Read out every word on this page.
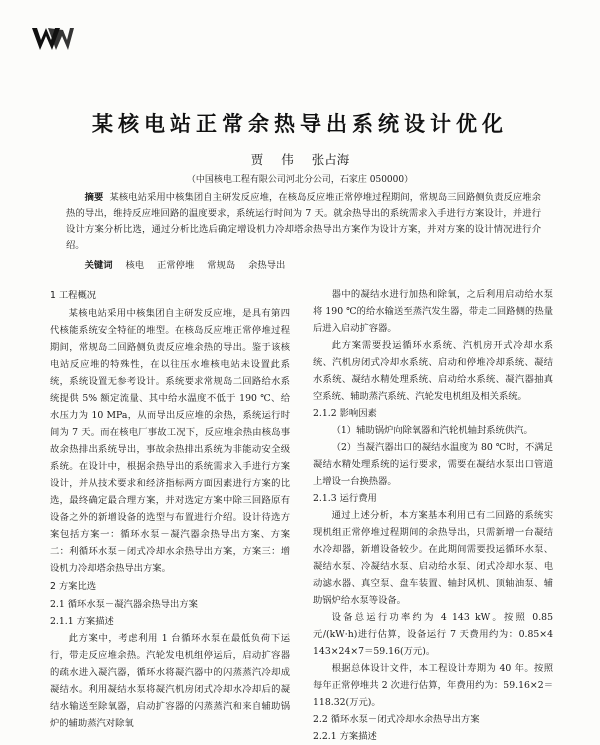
某核电站正常余热导出系统设计优化
贾 伟 张占海
（中国核电工程有限公司河北分公司，石家庄 050000）
摘要 某核电站采用中核集团自主研发反应堆，在核岛反应堆正常停堆过程期间，常规岛三回路侧负责反应堆余热的导出，维持反应堆回路的温度要求，系统运行时间为 7 天。就余热导出的系统需求入手进行方案设计，并进行设计方案分析比选，通过分析比选后确定增设机力冷却塔余热导出方案作为设计方案，并对方案的设计情况进行介绍。
关键词 核电 正常停堆 常规岛 余热导出

1 工程概况

某核电站采用中核集团自主研发反应堆，是具有第四代核能系统安全特征的堆型。在核岛反应堆正常停堆过程期间，常规岛二回路侧负责反应堆余热的导出。鉴于该核电站反应堆的特殊性，在以往压水堆核电站未设置此系统，系统设置无参考设计。系统要求常规岛二回路给水系统提供 5% 额定流量、其中给水温度不低于 190 ℃、给水压力为 10 MPa，从而导出反应堆的余热，系统运行时间为 7 天。而在核电厂事故工况下，反应堆余热由核岛事故余热排出系统导出，事故余热排出系统为非能动安全级系统。在设计中，根据余热导出的系统需求入手进行方案设计，并从技术要求和经济指标两方面因素进行方案的比选，最终确定最合理方案，并对选定方案中除三回路原有设备之外的新增设备的选型与布置进行介绍。设计待选方案包括方案一：循环水泵－凝汽器余热导出方案、方案二：利循环水泵－闭式冷却水余热导出方案，方案三：增设机力冷却塔余热导出方案。

2 方案比选

2.1 循环水泵－凝汽器余热导出方案

2.1.1 方案描述

此方案中，考虑利用 1 台循环水泵在最低负荷下运行，带走反应堆余热。汽轮发电机组停运后，启动扩容器的疏水进入凝汽器，循环水将凝汽器中的闪蒸蒸汽冷却成凝结水。利用凝结水泵将凝汽机房闭式冷却水冷却后的凝结水输送至除氧器，启动扩容器的闪蒸蒸汽和来自辅助锅炉的辅助蒸汽对除氧

器中的凝结水进行加热和除氧，之后利用启动给水泵将 190 ℃的给水输送至蒸汽发生器，带走二回路侧的热量后进入启动扩容器。

此方案需要投运循环水系统、汽机房开式冷却水系统、汽机房闭式冷却水系统、启动和停堆冷却系统、凝结水系统、凝结水精处理系统、启动给水系统、凝汽器抽真空系统、辅助蒸汽系统、汽轮发电机组及相关系统。

2.1.2 影响因素

（1）辅助锅炉向除氧器和汽轮机轴封系统供汽。

（2）当凝汽器出口的凝结水温度为 80 ℃时，不满足凝结水精处理系统的运行要求，需要在凝结水泵出口管道上增设一台换热器。

2.1.3 运行费用

通过上述分析，本方案基本利用已有二回路的系统实现机组正常停堆过程期间的余热导出，只需新增一台凝结水冷却器，新增设备较少。在此期间需要投运循环水泵、凝结水泵、冷凝结水泵、启动给水泵、闭式冷却水泵、电动滤水器、真空泵、盘车装置、轴封风机、顶轴油泵、辅助锅炉给水泵等设备。

设备总运行功率约为 4 143 kW。按照 0.85 元/(kW·h)进行估算，设备运行 7 天费用约为：0.85×4 143×24×7＝59.16(万元)。

根据总体设计文件，本工程设计寿期为 40 年。按照每年正常停堆共 2 次进行估算，年费用约为：59.16×2＝118.32(万元)。

2.2 循环水泵－闭式冷却水余热导出方案

2.2.1 方案描述
